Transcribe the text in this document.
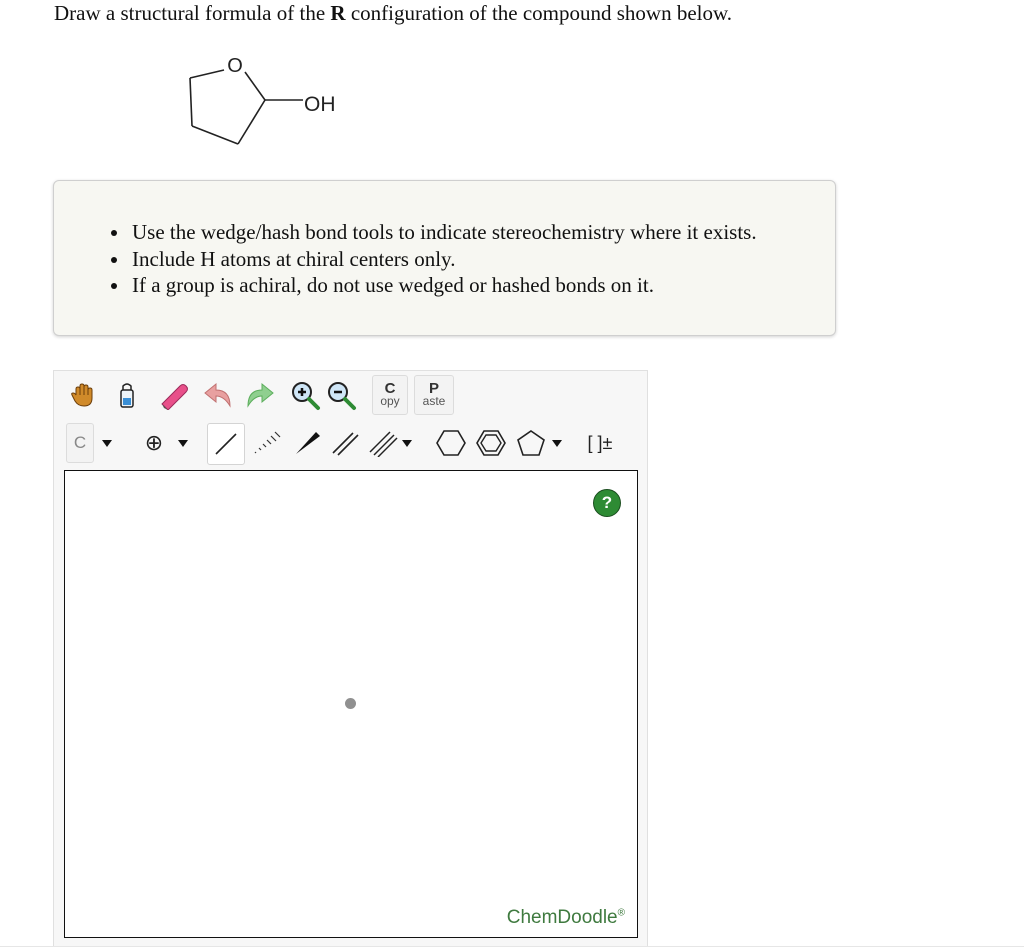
Draw a structural formula of the R configuration of the compound shown below.
O
OH
Use the wedge/hash bond tools to indicate stereochemistry where it exists.
Include H atoms at chiral centers only.
If a group is achiral, do not use wedged or hashed bonds on it.
C
opy
P
aste
C	⊕	[ ]±
?
ChemDoodle®
